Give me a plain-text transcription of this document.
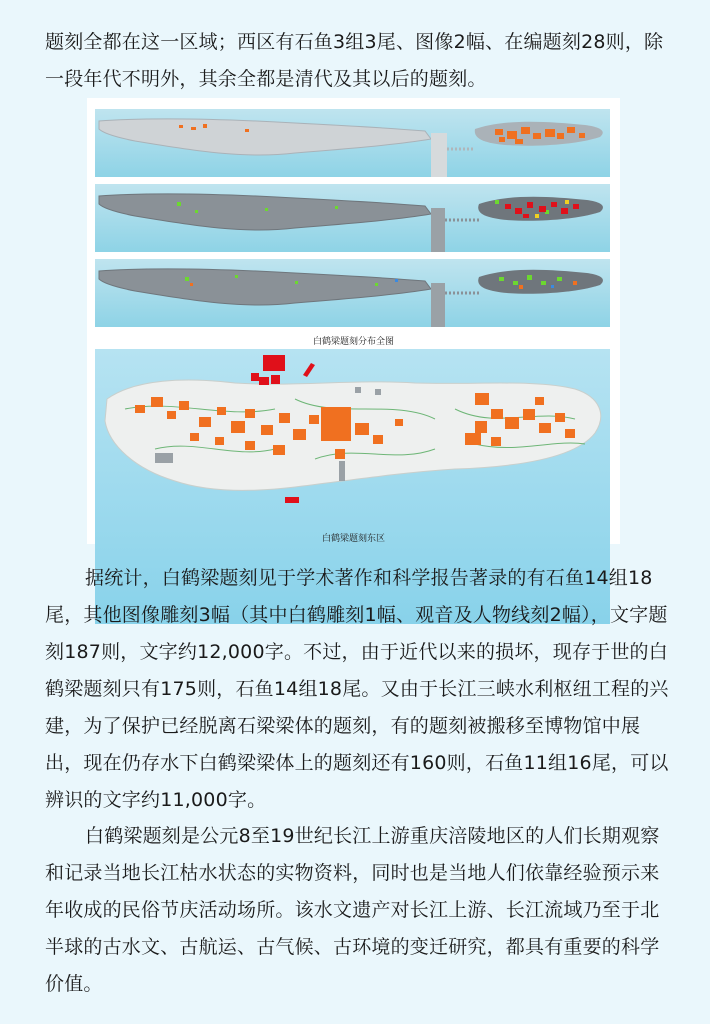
题刻全都在这一区域；西区有石鱼3组3尾、图像2幅、在编题刻28则，除一段年代不明外，其余全都是清代及其以后的题刻。

白鹤梁题刻分布全图
白鹤梁题刻东区

据统计，白鹤梁题刻见于学术著作和科学报告著录的有石鱼14组18尾，其他图像雕刻3幅（其中白鹤雕刻1幅、观音及人物线刻2幅），文字题刻187则，文字约12,000字。不过，由于近代以来的损坏，现存于世的白鹤梁题刻只有175则，石鱼14组18尾。又由于长江三峡水利枢纽工程的兴建，为了保护已经脱离石梁梁体的题刻，有的题刻被搬移至博物馆中展出，现在仍存水下白鹤梁梁体上的题刻还有160则，石鱼11组16尾，可以辨识的文字约11,000字。

白鹤梁题刻是公元8至19世纪长江上游重庆涪陵地区的人们长期观察和记录当地长江枯水状态的实物资料，同时也是当地人们依靠经验预示来年收成的民俗节庆活动场所。该水文遗产对长江上游、长江流域乃至于北半球的古水文、古航运、古气候、古环境的变迁研究，都具有重要的科学价值。
